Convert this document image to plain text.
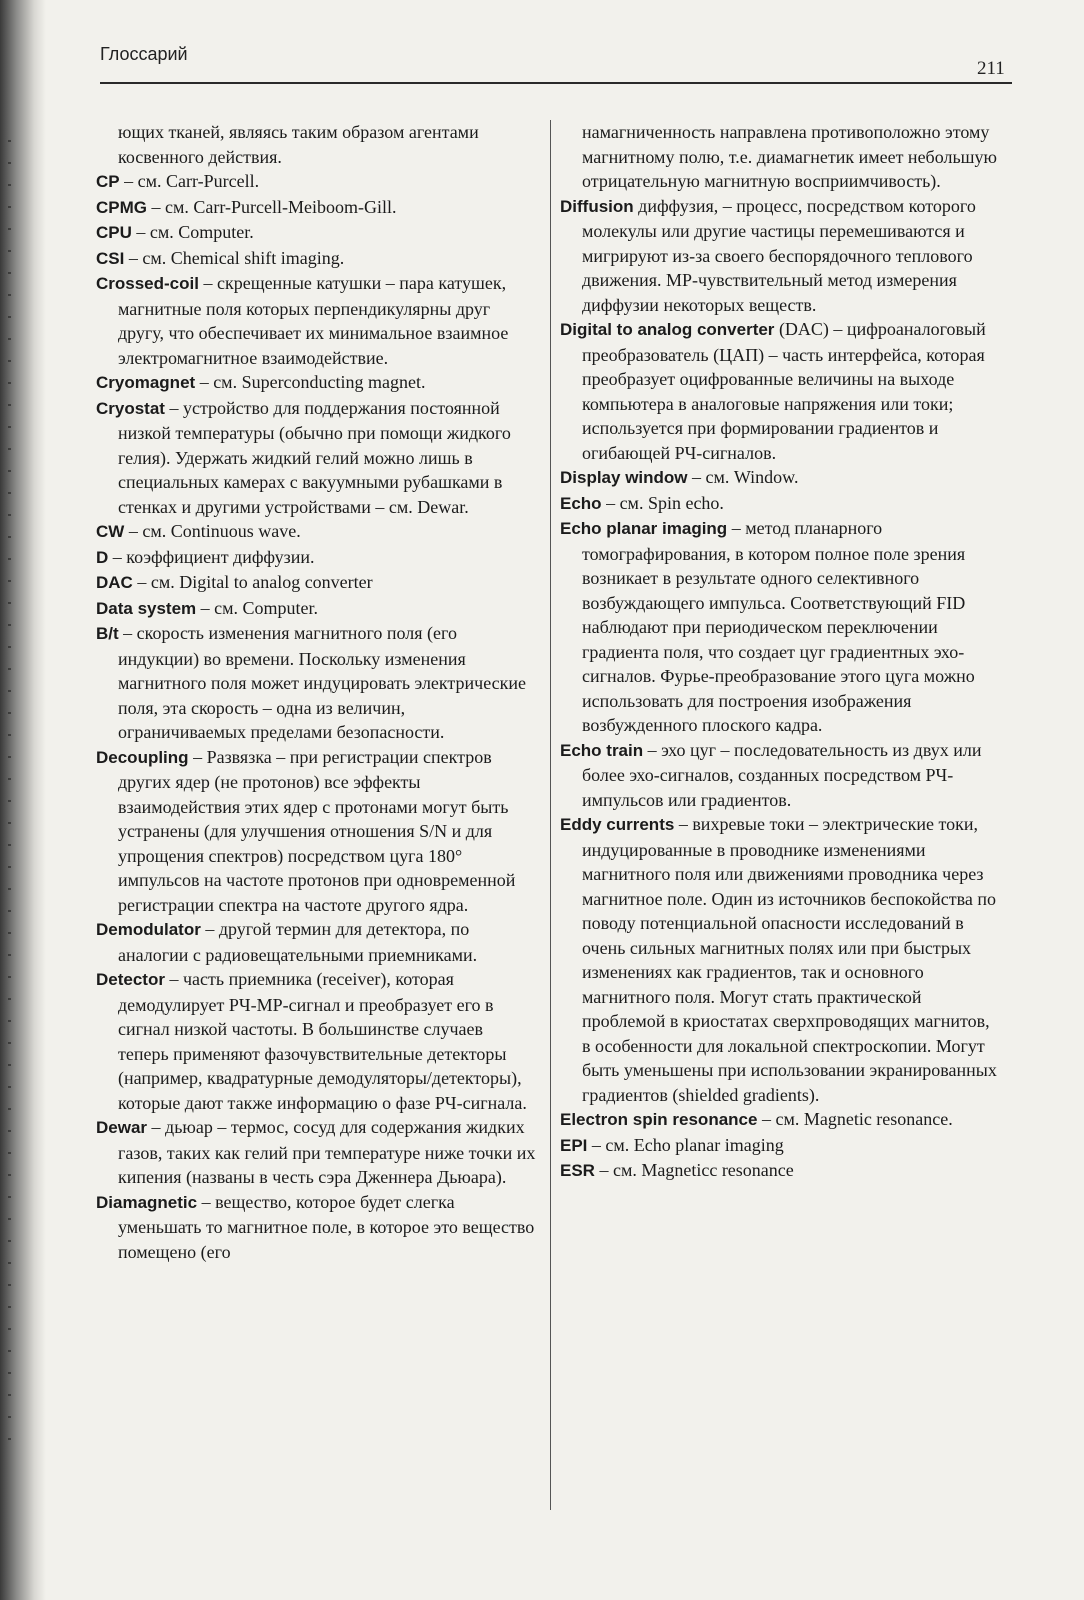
Глоссарий
211
ющих тканей, являясь таким образом агентами косвенного действия.
CP – см. Carr-Purcell.
CPMG – см. Carr-Purcell-Meiboom-Gill.
CPU – см. Computer.
CSI – см. Chemical shift imaging.
Crossed-coil – скрещенные катушки – пара катушек, магнитные поля которых перпендикулярны друг другу, что обеспечивает их минимальное взаимное электромагнитное взаимодействие.
Cryomagnet – см. Superconducting magnet.
Cryostat – устройство для поддержания постоянной низкой температуры (обычно при помощи жидкого гелия). Удержать жидкий гелий можно лишь в специальных камерах с вакуумными рубашками в стенках и другими устройствами – см. Dewar.
CW – см. Continuous wave.
D – коэффициент диффузии.
DAC – см. Digital to analog converter
Data system – см. Computer.
B/t – скорость изменения магнитного поля (его индукции) во времени. Поскольку изменения магнитного поля может индуцировать электрические поля, эта скорость – одна из величин, ограничиваемых пределами безопасности.
Decoupling – Развязка – при регистрации спектров других ядер (не протонов) все эффекты взаимодействия этих ядер с протонами могут быть устранены (для улучшения отношения S/N и для упрощения спектров) посредством цуга 180° импульсов на частоте протонов при одновременной регистрации спектра на частоте другого ядра.
Demodulator – другой термин для детектора, по аналогии с радиовещательными приемниками.
Detector – часть приемника (receiver), которая демодулирует РЧ-МР-сигнал и преобразует его в сигнал низкой частоты. В большинстве случаев теперь применяют фазочувствительные детекторы (например, квадратурные демодуляторы/детекторы), которые дают также информацию о фазе РЧ-сигнала.
Dewar – дьюар – термос, сосуд для содержания жидких газов, таких как гелий при температуре ниже точки их кипения (названы в честь сэра Дженнера Дьюара).
Diamagnetic – вещество, которое будет слегка уменьшать то магнитное поле, в которое это вещество помещено (его
намагниченность направлена противоположно этому магнитному полю, т.е. диамагнетик имеет небольшую отрицательную магнитную восприимчивость).
Diffusion диффузия, – процесс, посредством которого молекулы или другие частицы перемешиваются и мигрируют из-за своего беспорядочного теплового движения. МР-чувствительный метод измерения диффузии некоторых веществ.
Digital to analog converter (DAC) – цифроаналоговый преобразователь (ЦАП) – часть интерфейса, которая преобразует оцифрованные величины на выходе компьютера в аналоговые напряжения или токи; используется при формировании градиентов и огибающей РЧ-сигналов.
Display window – см. Window.
Echo – см. Spin echo.
Echo planar imaging – метод планарного томографирования, в котором полное поле зрения возникает в результате одного селективного возбуждающего импульса. Соответствующий FID наблюдают при периодическом переключении градиента поля, что создает цуг градиентных эхо-сигналов. Фурье-преобразование этого цуга можно использовать для построения изображения возбужденного плоского кадра.
Echo train – эхо цуг – последовательность из двух или более эхо-сигналов, созданных посредством РЧ-импульсов или градиентов.
Eddy currents – вихревые токи – электрические токи, индуцированные в проводнике изменениями магнитного поля или движениями проводника через магнитное поле. Один из источников беспокойства по поводу потенциальной опасности исследований в очень сильных магнитных полях или при быстрых изменениях как градиентов, так и основного магнитного поля. Могут стать практической проблемой в криостатах сверхпроводящих магнитов, в особенности для локальной спектроскопии. Могут быть уменьшены при использовании экранированных градиентов (shielded gradients).
Electron spin resonance – см. Magnetic resonance.
EPI – см. Echo planar imaging
ESR – см. Magneticc resonance
